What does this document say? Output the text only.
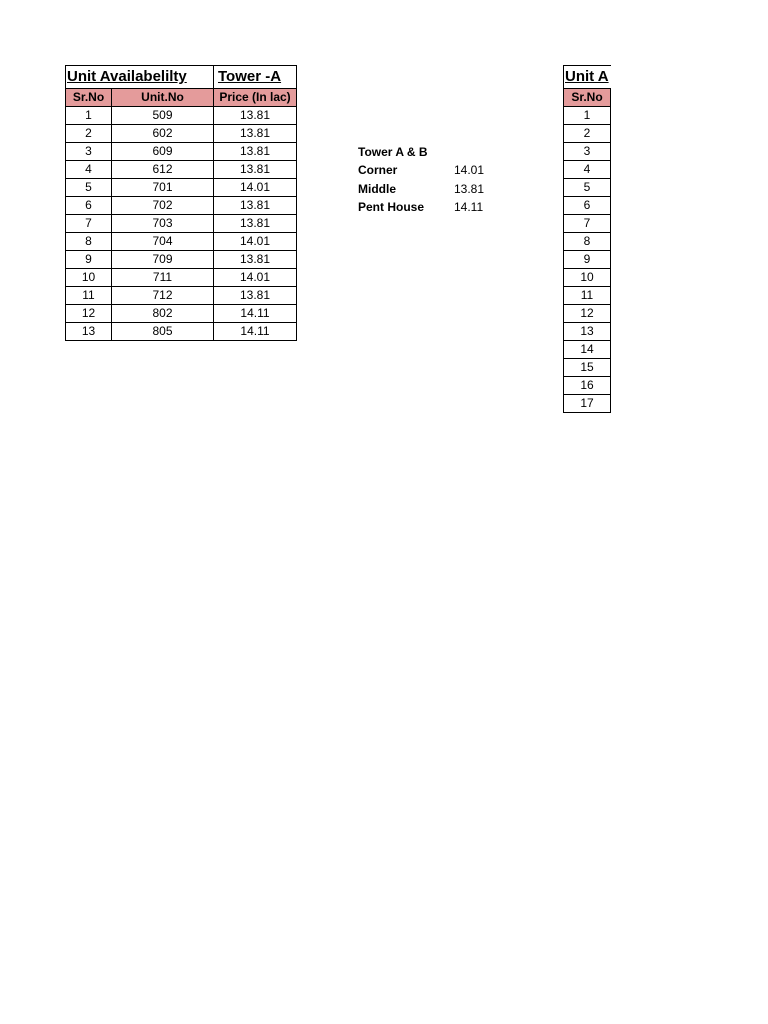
Unit Availabelilty		Tower -A
Sr.No	Unit.No	Price (In lac)
1	509	13.81
2	602	13.81
3	609	13.81
4	612	13.81
5	701	14.01
6	702	13.81
7	703	13.81
8	704	14.01
9	709	13.81
10	711	14.01
11	712	13.81
12	802	14.11
13	805	14.11
Tower A & B
Corner	14.01
Middle	13.81
Pent House 14.11
Unit A
Sr.No
1
2
3
4
5
6
7
8
9
10
11
12
13
14
15
16
17
